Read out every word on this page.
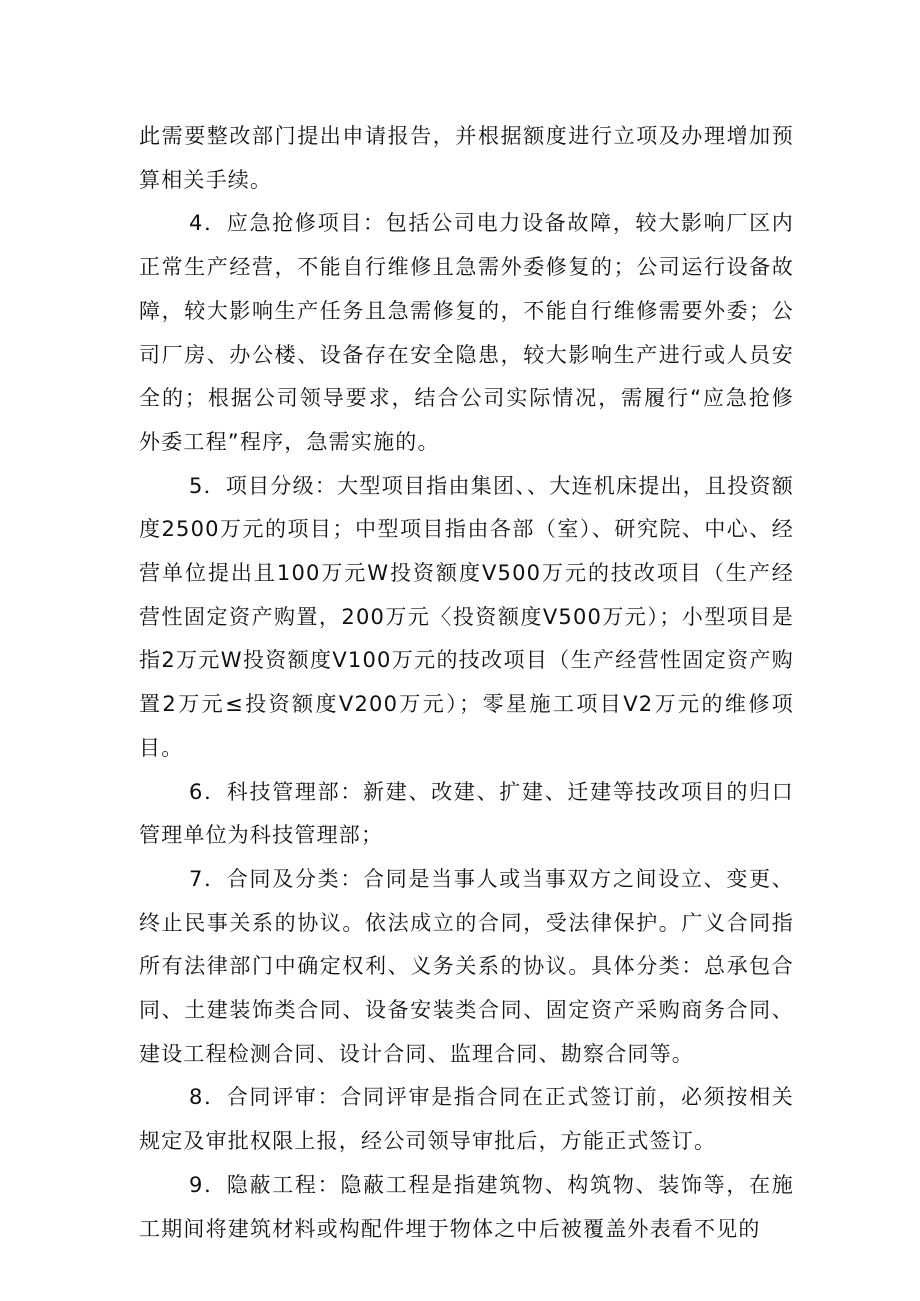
此需要整改部门提出申请报告，并根据额度进行立项及办理增加预算相关手续。

4．应急抢修项目：包括公司电力设备故障，较大影响厂区内正常生产经营，不能自行维修且急需外委修复的；公司运行设备故障，较大影响生产任务且急需修复的，不能自行维修需要外委；公司厂房、办公楼、设备存在安全隐患，较大影响生产进行或人员安全的；根据公司领导要求，结合公司实际情况，需履行“应急抢修外委工程”程序，急需实施的。

5．项目分级：大型项目指由集团、、大连机床提出，且投资额度2500万元的项目；中型项目指由各部（室）、研究院、中心、经营单位提出且100万元W投资额度V500万元的技改项目（生产经营性固定资产购置，200万元〈投资额度V500万元）；小型项目是指2万元W投资额度V100万元的技改项目（生产经营性固定资产购置2万元≤投资额度V200万元）；零星施工项目V2万元的维修项目。

6．科技管理部：新建、改建、扩建、迁建等技改项目的归口管理单位为科技管理部；

7．合同及分类：合同是当事人或当事双方之间设立、变更、终止民事关系的协议。依法成立的合同，受法律保护。广义合同指所有法律部门中确定权利、义务关系的协议。具体分类：总承包合同、土建装饰类合同、设备安装类合同、固定资产采购商务合同、建设工程检测合同、设计合同、监理合同、勘察合同等。

8．合同评审：合同评审是指合同在正式签订前，必须按相关规定及审批权限上报，经公司领导审批后，方能正式签订。

9．隐蔽工程：隐蔽工程是指建筑物、构筑物、装饰等，在施工期间将建筑材料或构配件埋于物体之中后被覆盖外表看不见的
